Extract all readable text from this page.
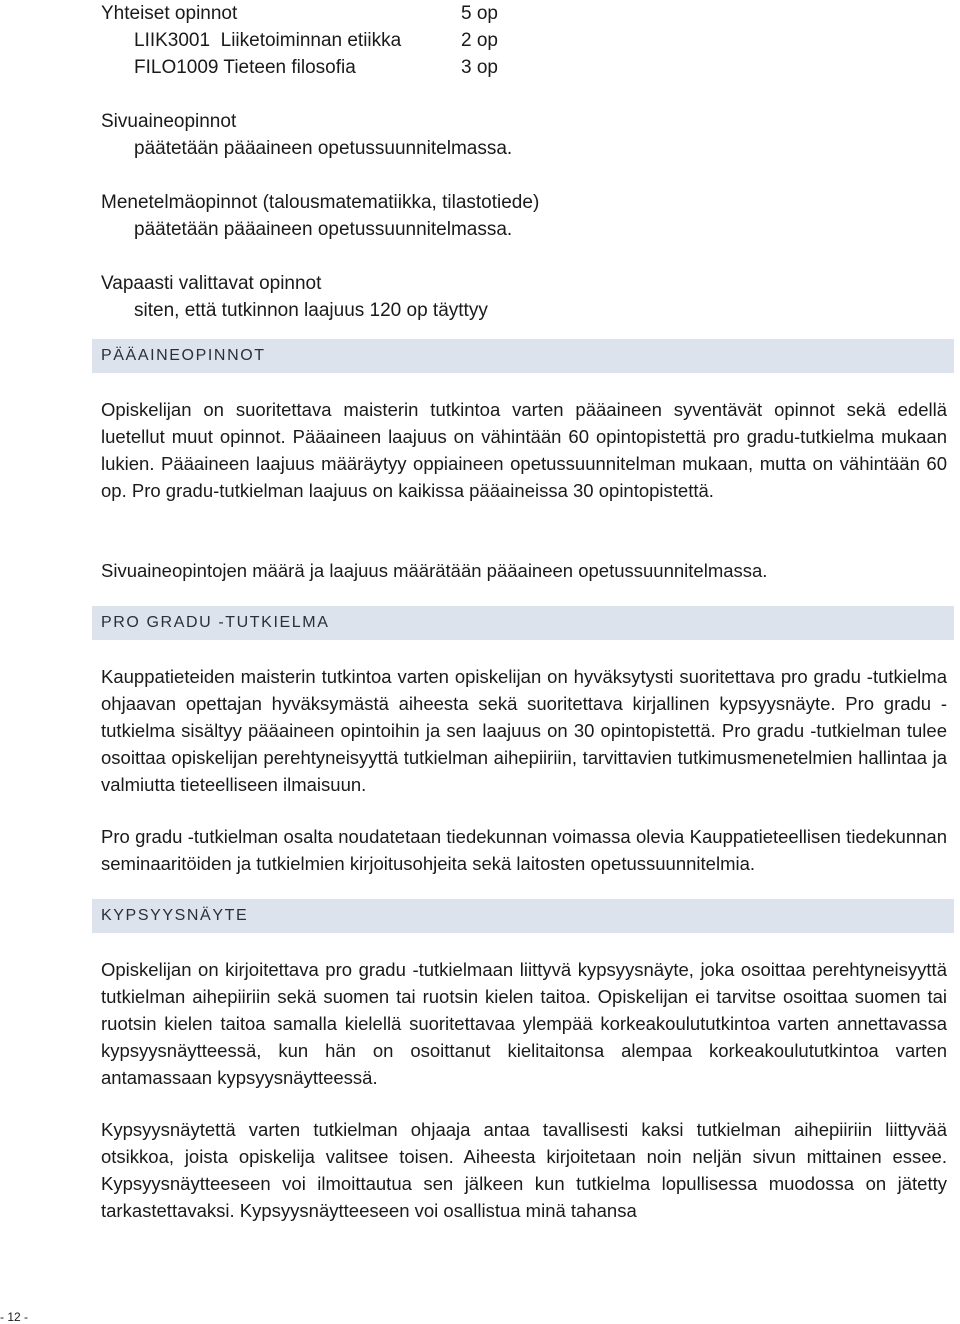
Yhteiset opinnot	5 op
LIIK3001  Liiketoiminnan etiikka	2 op
FILO1009 Tieteen filosofia	3 op
Sivuaineopinnot
päätetään pääaineen opetussuunnitelmassa.
Menetelmäopinnot (talousmatematiikka, tilastotiede)
päätetään pääaineen opetussuunnitelmassa.
Vapaasti valittavat opinnot
siten, että tutkinnon laajuus 120 op täyttyy
PÄÄAINEOPINNOT

Opiskelijan on suoritettava maisterin tutkintoa varten pääaineen syventävät opinnot sekä edellä luetellut muut opinnot. Pääaineen laajuus on vähintään 60 opintopistettä pro gradu-tutkielma mukaan lukien. Pääaineen laajuus määräytyy oppiaineen opetussuunnitelman mukaan, mutta on vähintään 60 op. Pro gradu-tutkielman laajuus on kaikissa pääaineissa 30 opintopistettä.

Sivuaineopintojen määrä ja laajuus määrätään pääaineen opetussuunnitelmassa.

PRO GRADU -TUTKIELMA

Kauppatieteiden maisterin tutkintoa varten opiskelijan on hyväksytysti suoritettava pro gradu -tutkielma ohjaavan opettajan hyväksymästä aiheesta sekä suoritettava kirjallinen kypsyysnäyte. Pro gradu -tutkielma sisältyy pääaineen opintoihin ja sen laajuus on 30 opintopistettä. Pro gradu -tutkielman tulee osoittaa opiskelijan perehtyneisyyttä tutkielman aihepiiriin, tarvittavien tutkimusmenetelmien hallintaa ja valmiutta tieteelliseen ilmaisuun.

Pro gradu -tutkielman osalta noudatetaan tiedekunnan voimassa olevia Kauppatieteellisen tiedekunnan seminaaritöiden ja tutkielmien kirjoitusohjeita sekä laitosten opetussuunnitelmia.

KYPSYYSNÄYTE

Opiskelijan on kirjoitettava pro gradu -tutkielmaan liittyvä kypsyysnäyte, joka osoittaa perehtyneisyyttä tutkielman aihepiiriin sekä suomen tai ruotsin kielen taitoa. Opiskelijan ei tarvitse osoittaa suomen tai ruotsin kielen taitoa samalla kielellä suoritettavaa ylempää korkeakoulututkintoa varten annettavassa kypsyysnäytteessä, kun hän on osoittanut kielitaitonsa alempaa korkeakoulututkintoa varten antamassaan kypsyysnäytteessä.

Kypsyysnäytettä varten tutkielman ohjaaja antaa tavallisesti kaksi tutkielman aihepiiriin liittyvää otsikkoa, joista opiskelija valitsee toisen. Aiheesta kirjoitetaan noin neljän sivun mittainen essee. Kypsyysnäytteeseen voi ilmoittautua sen jälkeen kun tutkielma lopullisessa muodossa on jätetty tarkastettavaksi. Kypsyysnäytteeseen voi osallistua minä tahansa

- 12 -
